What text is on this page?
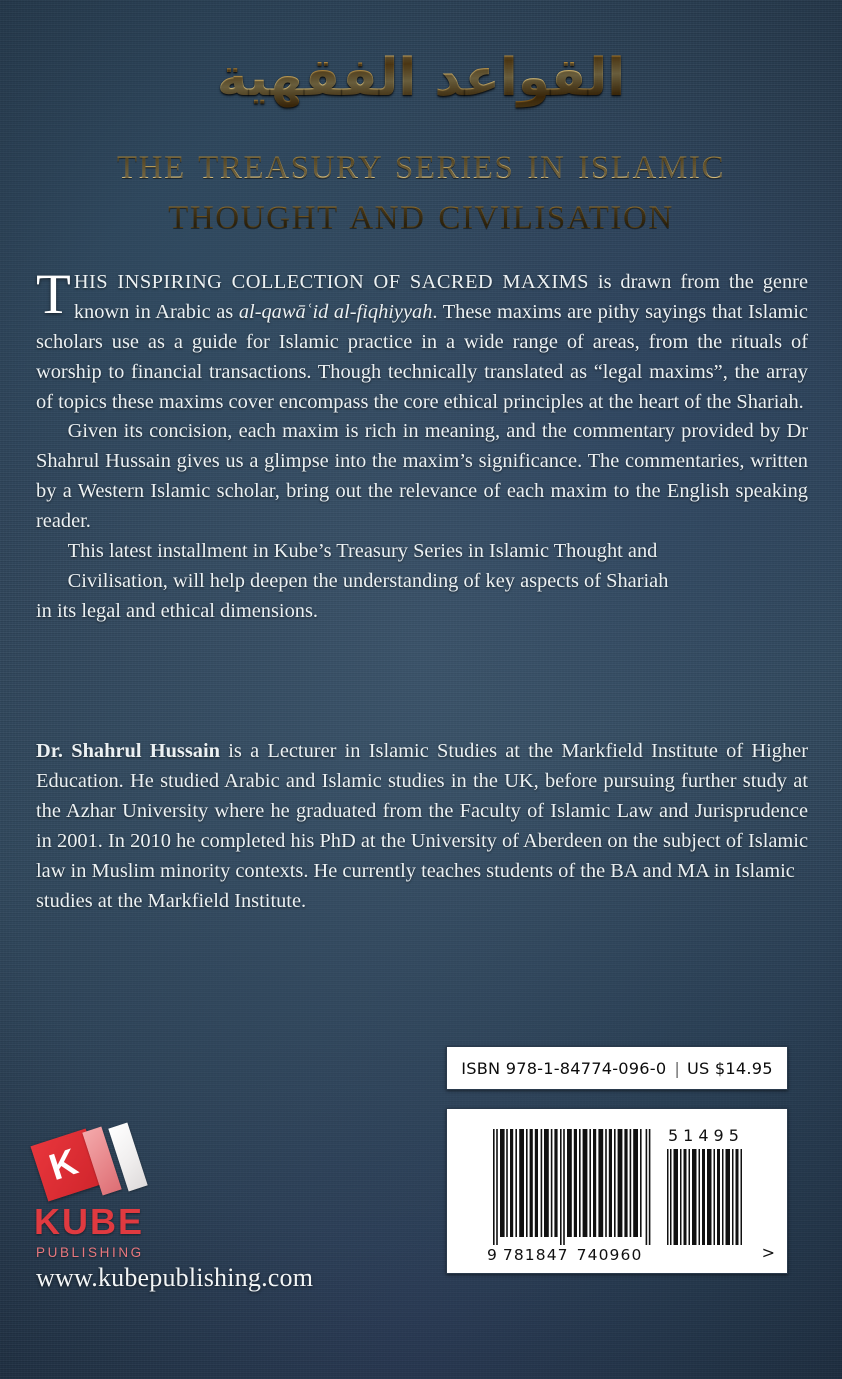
القواعد الفقهية
THE TREASURY SERIES IN ISLAMIC
THOUGHT AND CIVILISATION

THIS INSPIRING COLLECTION OF SACRED MAXIMS is drawn from the genre known in Arabic as al-qawāʿid al-fiqhiyyah. These maxims are pithy sayings that Islamic scholars use as a guide for Islamic practice in a wide range of areas, from the rituals of worship to financial transactions. Though technically translated as “legal maxims”, the array of topics these maxims cover encompass the core ethical principles at the heart of the Shariah.

Given its concision, each maxim is rich in meaning, and the commentary provided by Dr Shahrul Hussain gives us a glimpse into the maxim’s significance. The commentaries, written by a Western Islamic scholar, bring out the relevance of each maxim to the English speaking reader.

This latest installment in Kube’s Treasury Series in Islamic Thought and

Civilisation, will help deepen the understanding of key aspects of Shariah

in its legal and ethical dimensions.

Dr. Shahrul Hussain is a Lecturer in Islamic Studies at the Markfield Institute of Higher Education. He studied Arabic and Islamic studies in the UK, before pursuing further study at the Azhar University where he graduated from the Faculty of Islamic Law and Jurisprudence in 2001. In 2010 he completed his PhD at the University of Aberdeen on the subject of Islamic law in Muslim minority contexts. He currently teaches students of the BA and MA in Islamic

studies at the Markfield Institute.

K
KUBE
PUBLISHING
www.kubepublishing.com
ISBN 978-1-84774-096-0 | US $14.95
51495
9 781847 740960	>
